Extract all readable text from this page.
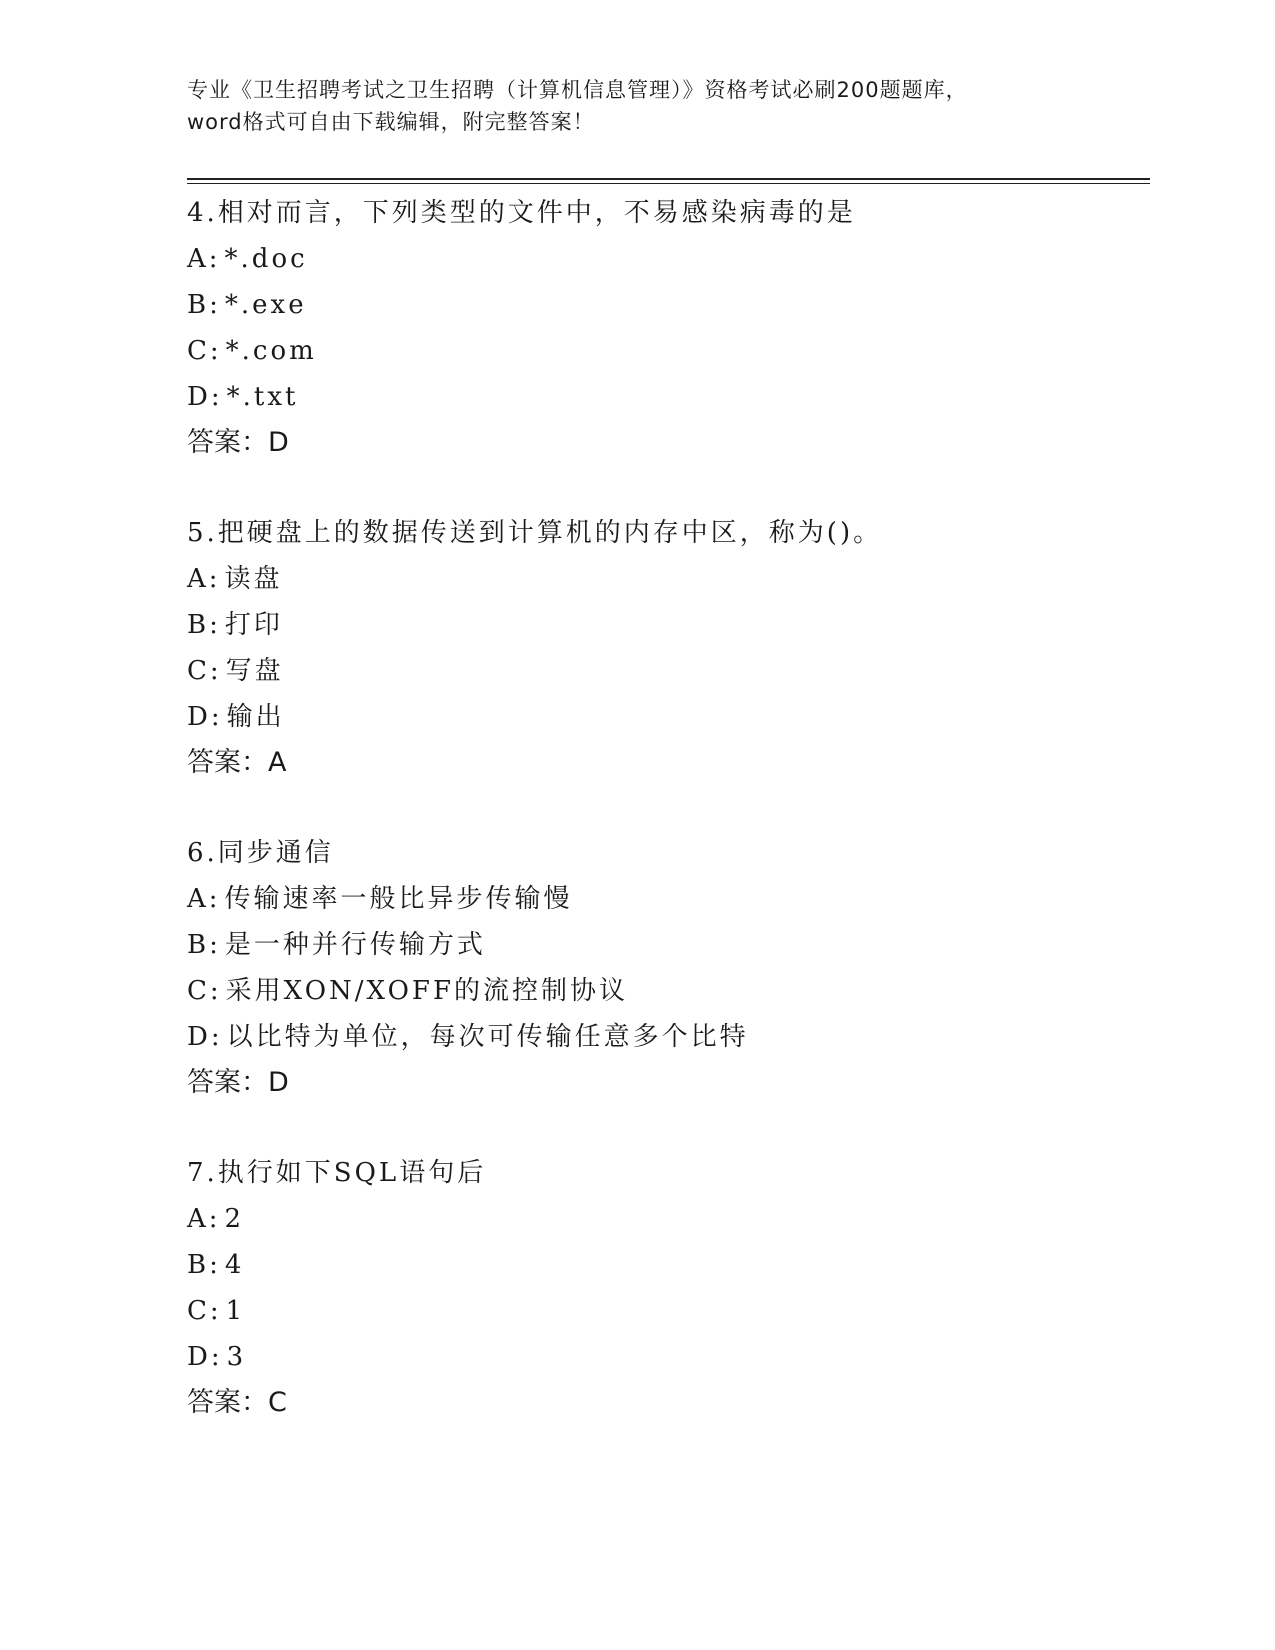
专业《卫生招聘考试之卫生招聘（计算机信息管理）》资格考试必刷200题题库，
word格式可自由下载编辑，附完整答案！
4.相对而言，下列类型的文件中，不易感染病毒的是
A: *.doc
B: *.exe
C: *.com
D: *.txt
答案：D
5.把硬盘上的数据传送到计算机的内存中区，称为()。
A: 读盘
B: 打印
C: 写盘
D: 输出
答案：A
6.同步通信
A: 传输速率一般比异步传输慢
B: 是一种并行传输方式
C: 采用XON/XOFF的流控制协议
D: 以比特为单位，每次可传输任意多个比特
答案：D
7.执行如下SQL语句后
A: 2
B: 4
C: 1
D: 3
答案：C
